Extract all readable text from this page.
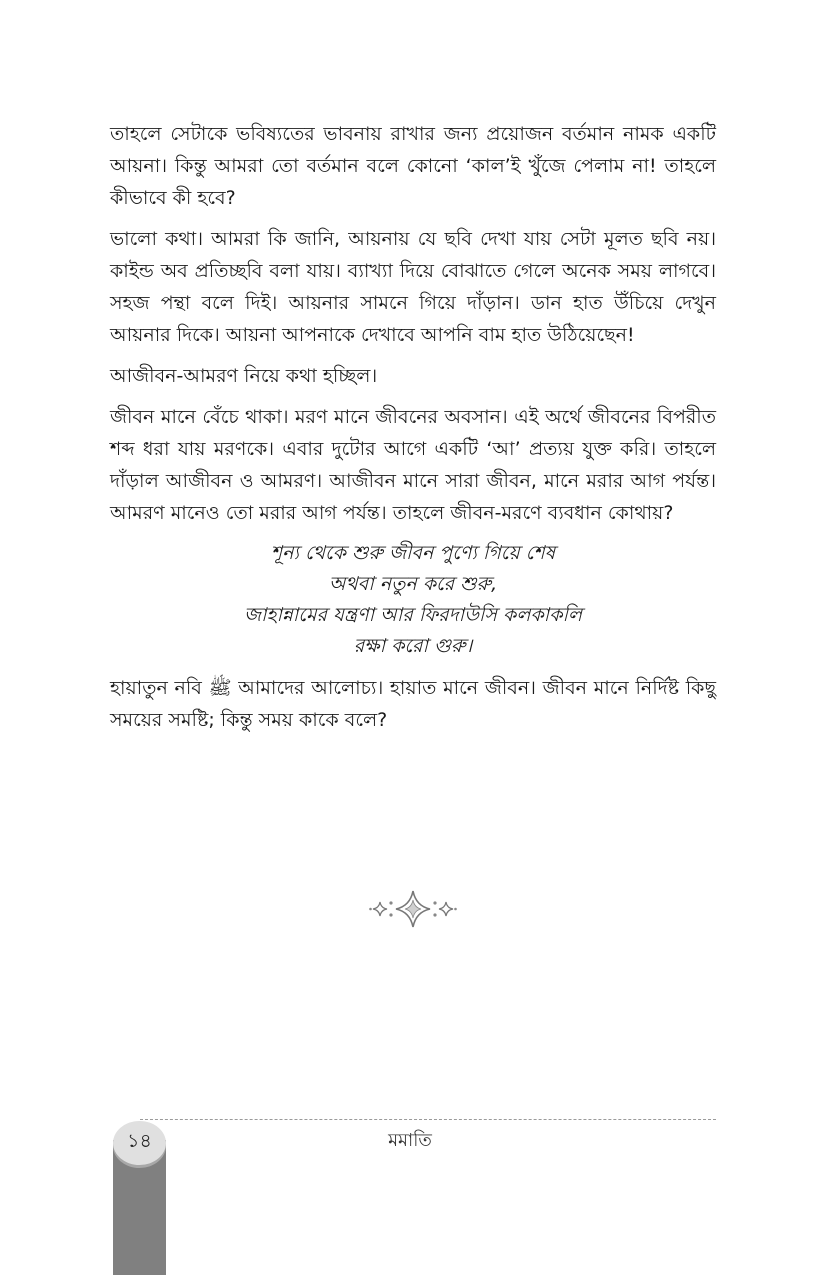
তাহলে সেটাকে ভবিষ্যতের ভাবনায় রাখার জন্য প্রয়োজন বর্তমান নামক একটি আয়না। কিন্তু আমরা তো বর্তমান বলে কোনো ‘কাল’ই খুঁজে পেলাম না! তাহলে কীভাবে কী হবে?

ভালো কথা। আমরা কি জানি, আয়নায় যে ছবি দেখা যায় সেটা মূলত ছবি নয়। কাইন্ড অব প্রতিচ্ছবি বলা যায়। ব্যাখ্যা দিয়ে বোঝাতে গেলে অনেক সময় লাগবে। সহজ পন্থা বলে দিই। আয়নার সামনে গিয়ে দাঁড়ান। ডান হাত উঁচিয়ে দেখুন আয়নার দিকে। আয়না আপনাকে দেখাবে আপনি বাম হাত উঠিয়েছেন!

আজীবন-আমরণ নিয়ে কথা হচ্ছিল।

জীবন মানে বেঁচে থাকা। মরণ মানে জীবনের অবসান। এই অর্থে জীবনের বিপরীত শব্দ ধরা যায় মরণকে। এবার দুটোর আগে একটি ‘আ’ প্রত্যয় যুক্ত করি। তাহলে দাঁড়াল আজীবন ও আমরণ। আজীবন মানে সারা জীবন, মানে মরার আগ পর্যন্ত। আমরণ মানেও তো মরার আগ পর্যন্ত। তাহলে জীবন-মরণে ব্যবধান কোথায়?

শূন্য থেকে শুরু জীবন পুণ্যে গিয়ে শেষ
অথবা নতুন করে শুরু,
জাহান্নামের যন্ত্রণা আর ফিরদাউসি কলকাকলি
রক্ষা করো গুরু।

হায়াতুন নবি ﷺ আমাদের আলোচ্য। হায়াত মানে জীবন। জীবন মানে নির্দিষ্ট কিছু সময়ের সমষ্টি; কিন্তু সময় কাকে বলে?

১৪	মমাতি
